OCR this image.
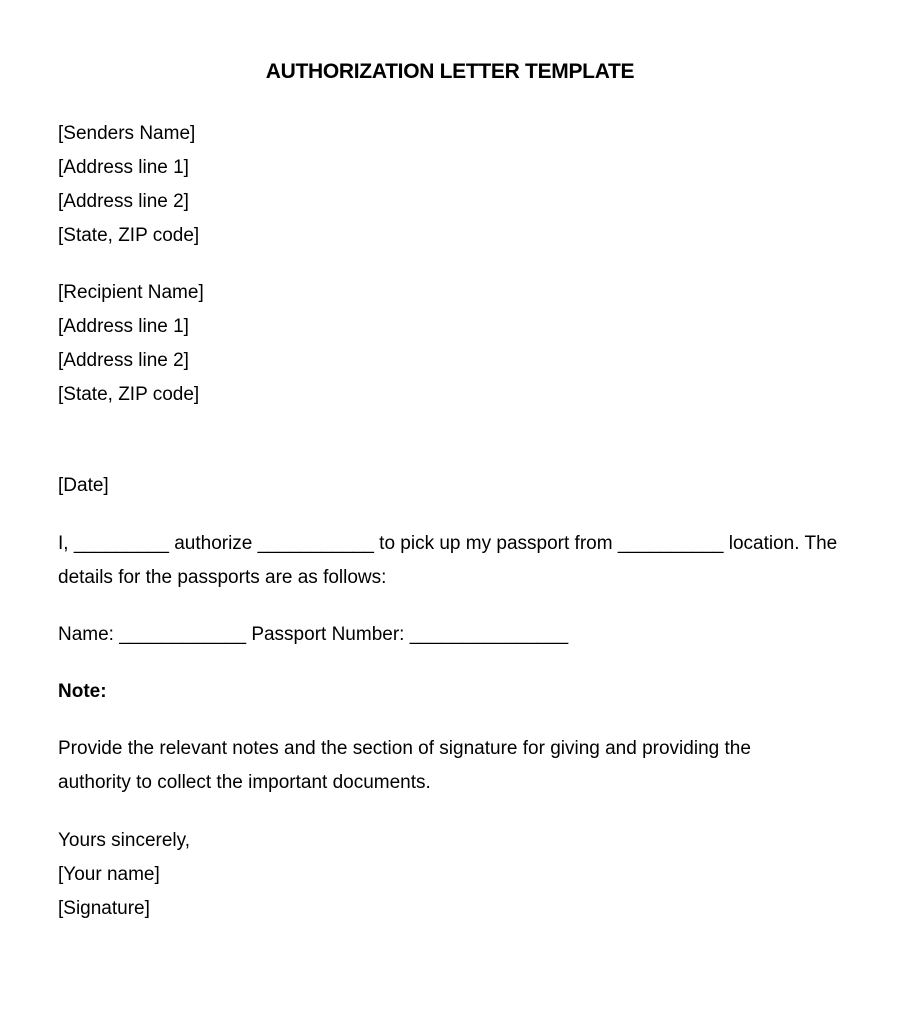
AUTHORIZATION LETTER TEMPLATE
[Senders Name]
[Address line 1]
[Address line 2]
[State, ZIP code]
[Recipient Name]
[Address line 1]
[Address line 2]
[State, ZIP code]
[Date]
I, _________ authorize ___________ to pick up my passport from __________ location. The
details for the passports are as follows:
Name: ____________ Passport Number: _______________
Note:
Provide the relevant notes and the section of signature for giving and providing the
authority to collect the important documents.
Yours sincerely,
[Your name]
[Signature]
